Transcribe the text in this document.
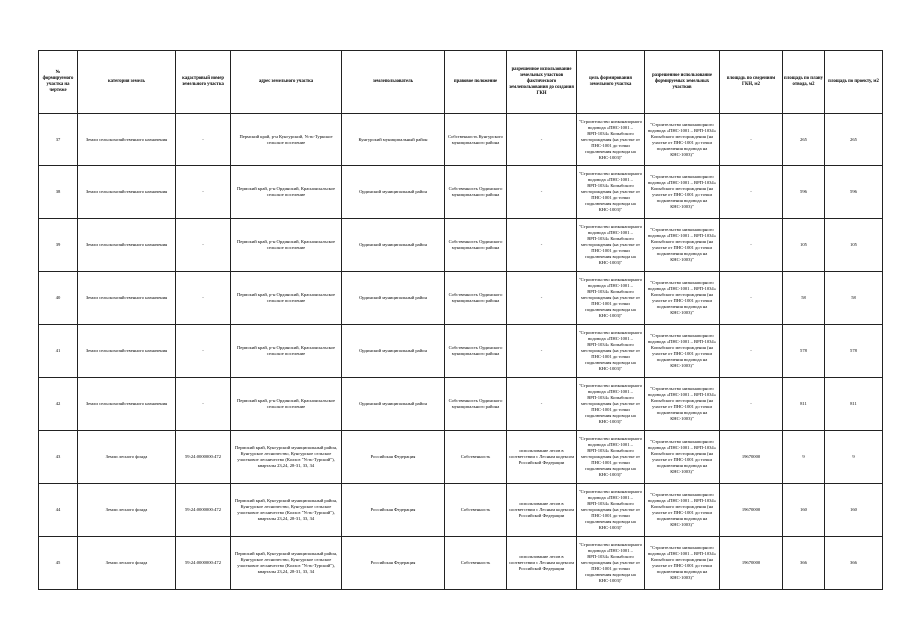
№ формируемого участка на чертеже	категория земель	кадастровый номер земельного участка	адрес земельного участка	землепользователь	правовое положение	разрешенное использование земельных участков фактического землепользования до создания ГКН	цель формирования земельного участка	разрешенное использование формируемых земельных участков	площадь по сведениям ГКН, м2	площадь по плану отвода, м2	площадь по проекту, м2
37	Земли сельскохозяйственного назначения	-	Пермский край, р-н Кунгурский, Усть-Туркское сельское поселение	Кунгурский муниципальный район	Собственность Кунгурского муниципального района	-	"Строительство низконапорного водовода «ПНС-1001 – ВРП-1034» Копыбского месторождения (на участке от ПНС-1001 до точки подключения водовода на КНС-1003)"	"Строительство низконапорного водовода «ПНС-1001 – ВРП-1034» Копыбского месторождения (на участке от ПНС-1001 до точки подключения водовода на КНС-1003)"	-	265	265
38	Земли сельскохозяйственного назначения	-	Пермский край, р-н Ординский, Красноясыльское сельское поселение	Ординский муниципальный район	Собственность Ординского муниципального района	-	"Строительство низконапорного водовода «ПНС-1001 – ВРП-1034» Копыбского месторождения (на участке от ПНС-1001 до точки подключения водовода на КНС-1003)"	"Строительство низконапорного водовода «ПНС-1001 – ВРП-1034» Копыбского месторождения (на участке от ПНС-1001 до точки подключения водовода на КНС-1003)"	-	596	596
39	Земли сельскохозяйственного назначения	-	Пермский край, р-н Ординский, Красноясыльское сельское поселение	Ординский муниципальный район	Собственность Ординского муниципального района	-	"Строительство низконапорного водовода «ПНС-1001 – ВРП-1034» Копыбского месторождения (на участке от ПНС-1001 до точки подключения водовода на КНС-1003)"	"Строительство низконапорного водовода «ПНС-1001 – ВРП-1034» Копыбского месторождения (на участке от ПНС-1001 до точки подключения водовода на КНС-1003)"	-	105	105
40	Земли сельскохозяйственного назначения	-	Пермский край, р-н Ординский, Красноясыльское сельское поселение	Ординский муниципальный район	Собственность Ординского муниципального района	-	"Строительство низконапорного водовода «ПНС-1001 – ВРП-1034» Копыбского месторождения (на участке от ПНС-1001 до точки подключения водовода на КНС-1003)"	"Строительство низконапорного водовода «ПНС-1001 – ВРП-1034» Копыбского месторождения (на участке от ПНС-1001 до точки подключения водовода на КНС-1003)"	-	58	58
41	Земли сельскохозяйственного назначения	-	Пермский край, р-н Ординский, Красноясыльское сельское поселение	Ординский муниципальный район	Собственность Ординского муниципального района	-	"Строительство низконапорного водовода «ПНС-1001 – ВРП-1034» Копыбского месторождения (на участке от ПНС-1001 до точки подключения водовода на КНС-1003)"	"Строительство низконапорного водовода «ПНС-1001 – ВРП-1034» Копыбского месторождения (на участке от ПНС-1001 до точки подключения водовода на КНС-1003)"	-	578	578
42	Земли сельскохозяйственного назначения	-	Пермский край, р-н Ординский, Красноясыльское сельское поселение	Ординский муниципальный район	Собственность Ординского муниципального района	-	"Строительство низконапорного водовода «ПНС-1001 – ВРП-1034» Копыбского месторождения (на участке от ПНС-1001 до точки подключения водовода на КНС-1003)"	"Строительство низконапорного водовода «ПНС-1001 – ВРП-1034» Копыбского месторождения (на участке от ПНС-1001 до точки подключения водовода на КНС-1003)"	-	811	811
43	Земли лесного фонда	59:24:0000000:472	Пермский край, Кунгурский муниципальный район, Кунгурское лесничество, Кунгурское сельское участковое лесничество (Колхоз "Усть-Турский"), кварталы 23,24, 28-31, 33, 34	Российская Федерация	Собственность	использование лесов в соответствии с Лесным кодексом Российской Федерации	"Строительство низконапорного водовода «ПНС-1001 – ВРП-1034» Копыбского месторождения (на участке от ПНС-1001 до точки подключения водовода на КНС-1003)"	"Строительство низконапорного водовода «ПНС-1001 – ВРП-1034» Копыбского месторождения (на участке от ПНС-1001 до точки подключения водовода на КНС-1003)"	19670000	9	9
44	Земли лесного фонда	59:24:0000000:472	Пермский край, Кунгурский муниципальный район, Кунгурское лесничество, Кунгурское сельское участковое лесничество (Колхоз "Усть-Турский"), кварталы 23,24, 28-31, 33, 34	Российская Федерация	Собственность	использование лесов в соответствии с Лесным кодексом Российской Федерации	"Строительство низконапорного водовода «ПНС-1001 – ВРП-1034» Копыбского месторождения (на участке от ПНС-1001 до точки подключения водовода на КНС-1003)"	"Строительство низконапорного водовода «ПНС-1001 – ВРП-1034» Копыбского месторождения (на участке от ПНС-1001 до точки подключения водовода на КНС-1003)"	19670000	160	160
45	Земли лесного фонда	59:24:0000000:472	Пермский край, Кунгурский муниципальный район, Кунгурское лесничество, Кунгурское сельское участковое лесничество (Колхоз "Усть-Турский"), кварталы 23,24, 28-31, 33, 34	Российская Федерация	Собственность	использование лесов в соответствии с Лесным кодексом Российской Федерации	"Строительство низконапорного водовода «ПНС-1001 – ВРП-1034» Копыбского месторождения (на участке от ПНС-1001 до точки подключения водовода на КНС-1003)"	"Строительство низконапорного водовода «ПНС-1001 – ВРП-1034» Копыбского месторождения (на участке от ПНС-1001 до точки подключения водовода на КНС-1003)"	19670000	366	366
